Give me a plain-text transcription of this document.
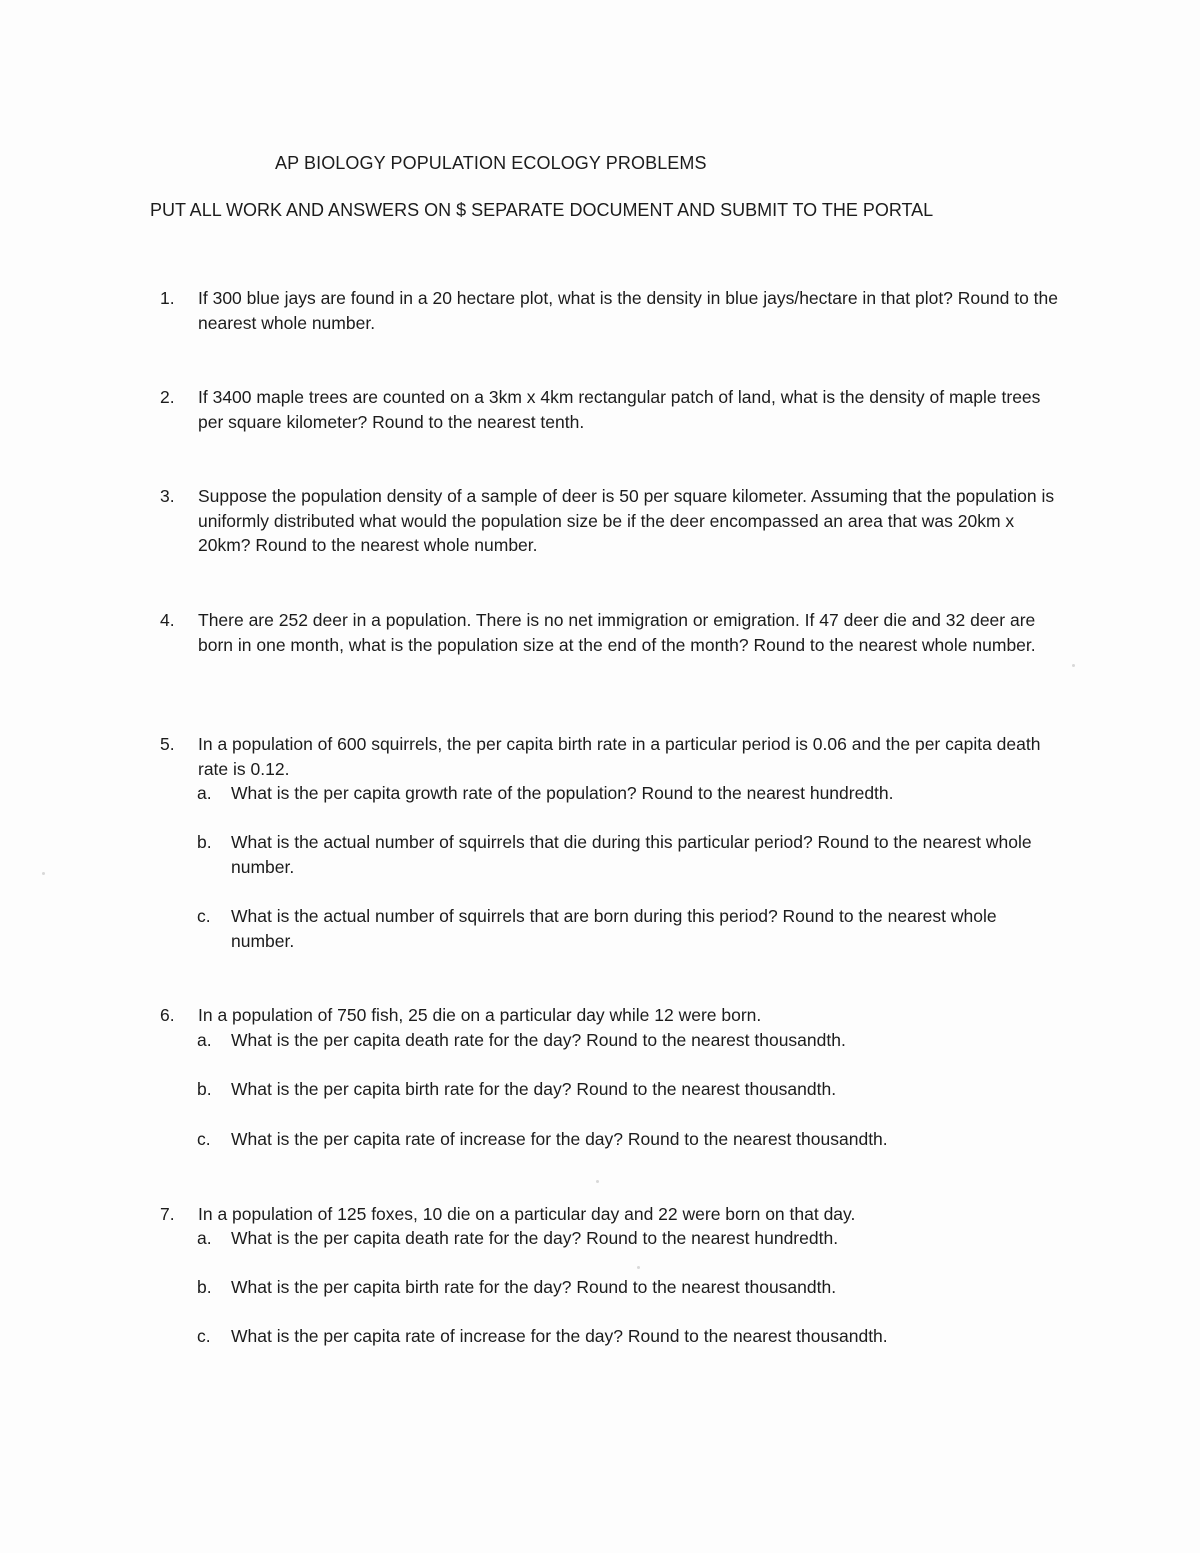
AP BIOLOGY POPULATION ECOLOGY PROBLEMS
PUT ALL WORK AND ANSWERS ON $ SEPARATE DOCUMENT AND SUBMIT TO THE PORTAL
1.	If 300 blue jays are found in a 20 hectare plot, what is the density in blue jays/hectare in that plot? Round to the nearest whole number.
2.	If 3400 maple trees are counted on a 3km x 4km rectangular patch of land, what is the density of maple trees per square kilometer? Round to the nearest tenth.
3.	Suppose the population density of a sample of deer is 50 per square kilometer. Assuming that the population is uniformly distributed what would the population size be if the deer encompassed an area that was 20km x 20km? Round to the nearest whole number.
4.	There are 252 deer in a population. There is no net immigration or emigration. If 47 deer die and 32 deer are born in one month, what is the population size at the end of the month? Round to the nearest whole number.
5.	In a population of 600 squirrels, the per capita birth rate in a particular period is 0.06 and the per capita death rate is 0.12.
a.	What is the per capita growth rate of the population? Round to the nearest hundredth.
b.	What is the actual number of squirrels that die during this particular period? Round to the nearest whole number.
c.	What is the actual number of squirrels that are born during this period? Round to the nearest whole number.
6.	In a population of 750 fish, 25 die on a particular day while 12 were born.
a.	What is the per capita death rate for the day? Round to the nearest thousandth.
b.	What is the per capita birth rate for the day? Round to the nearest thousandth.
c.	What is the per capita rate of increase for the day? Round to the nearest thousandth.
7.	In a population of 125 foxes, 10 die on a particular day and 22 were born on that day.
a.	What is the per capita death rate for the day? Round to the nearest hundredth.
b.	What is the per capita birth rate for the day? Round to the nearest thousandth.
c.	What is the per capita rate of increase for the day? Round to the nearest thousandth.
